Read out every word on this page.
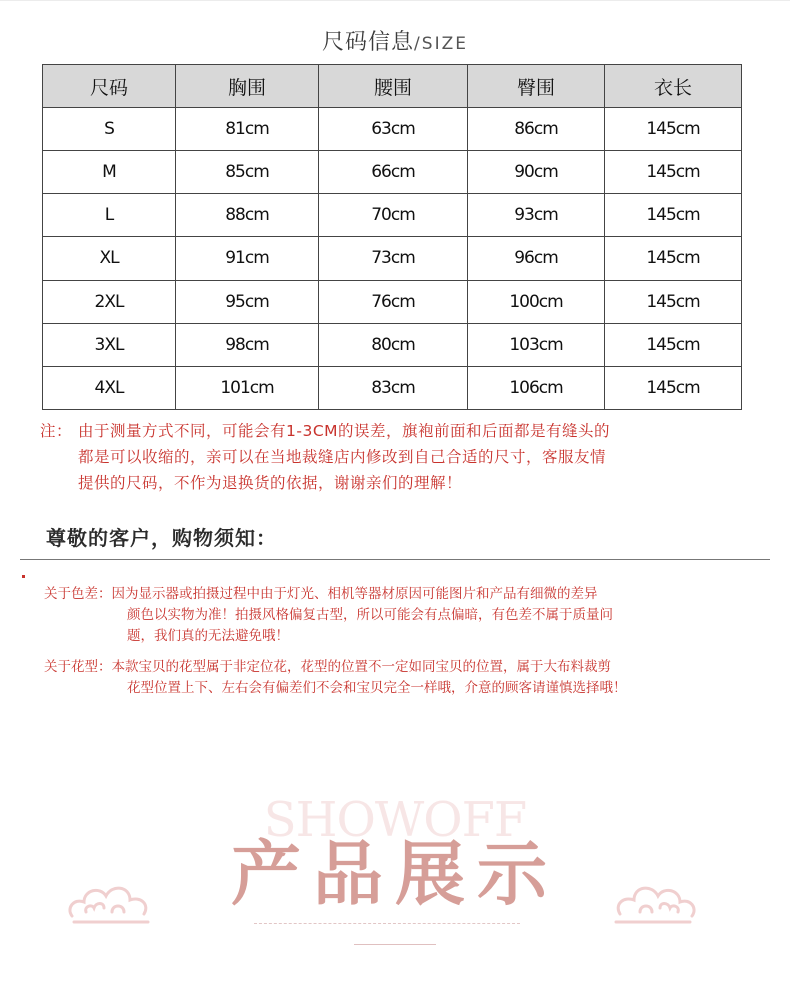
尺码信息/SIZE
尺码	胸围	腰围	臀围	衣长
S	81cm	63cm	86cm	145cm
M	85cm	66cm	90cm	145cm
L	88cm	70cm	93cm	145cm
XL	91cm	73cm	96cm	145cm
2XL	95cm	76cm	100cm	145cm
3XL	98cm	80cm	103cm	145cm
4XL	101cm	83cm	106cm	145cm
注： 由于测量方式不同，可能会有1-3CM的误差，旗袍前面和后面都是有缝头的
都是可以收缩的，亲可以在当地裁缝店内修改到自己合适的尺寸，客服友情
提供的尺码，不作为退换货的依据，谢谢亲们的理解！
尊敬的客户，购物须知：
关于色差：因为显示器或拍摄过程中由于灯光、相机等器材原因可能图片和产品有细微的差异
颜色以实物为准！拍摄风格偏复古型，所以可能会有点偏暗，有色差不属于质量问
题，我们真的无法避免哦！
关于花型：本款宝贝的花型属于非定位花，花型的位置不一定如同宝贝的位置，属于大布料裁剪
花型位置上下、左右会有偏差们不会和宝贝完全一样哦，介意的顾客请谨慎选择哦！
SHOWOFF
产品展示
